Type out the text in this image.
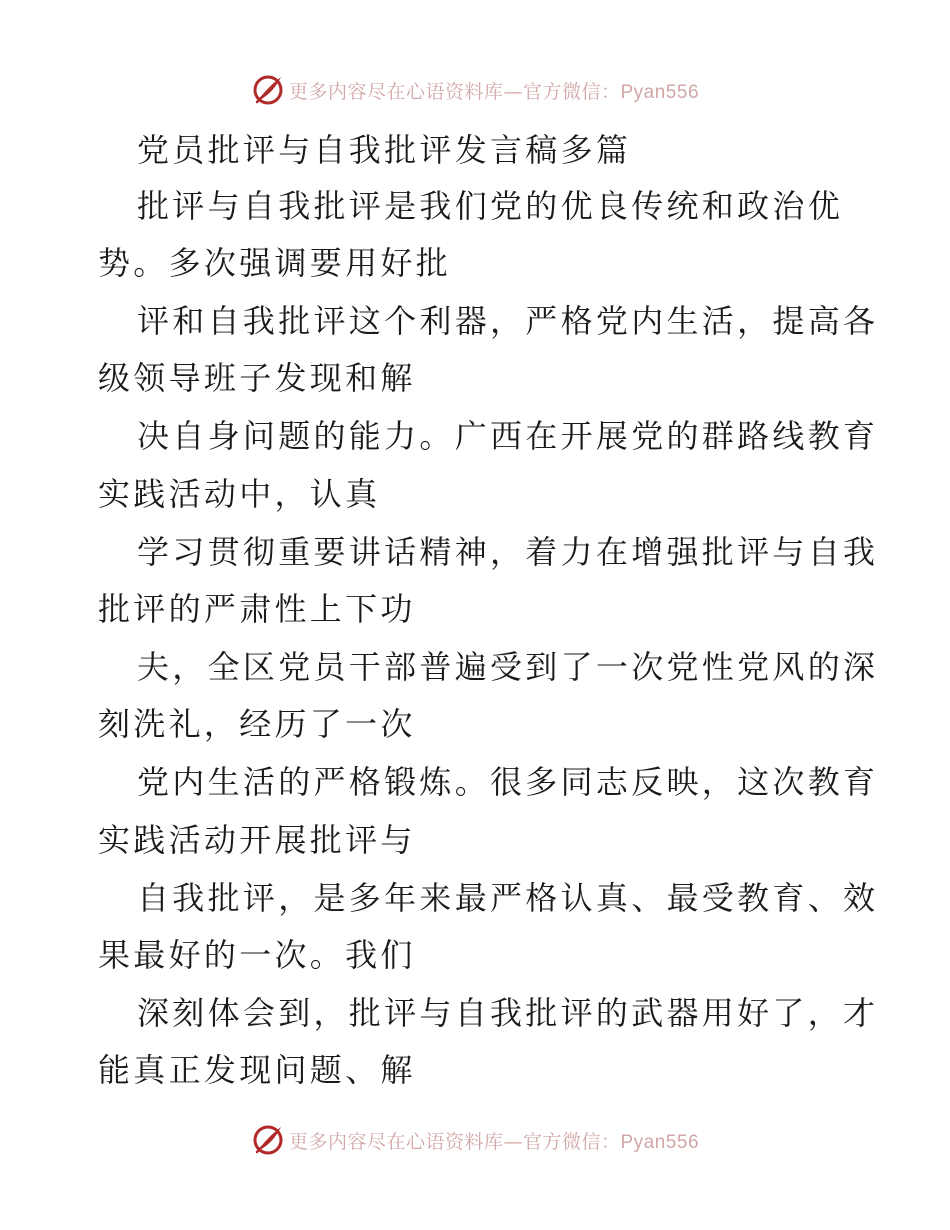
更多内容尽在心语资料库—官方微信：Pyan556
党员批评与自我批评发言稿多篇
批评与自我批评是我们党的优良传统和政治优
势。多次强调要用好批
评和自我批评这个利器，严格党内生活，提高各
级领导班子发现和解
决自身问题的能力。广西在开展党的群路线教育
实践活动中，认真
学习贯彻重要讲话精神，着力在增强批评与自我
批评的严肃性上下功
夫，全区党员干部普遍受到了一次党性党风的深
刻洗礼，经历了一次
党内生活的严格锻炼。很多同志反映，这次教育
实践活动开展批评与
自我批评，是多年来最严格认真、最受教育、效
果最好的一次。我们
深刻体会到，批评与自我批评的武器用好了，才
能真正发现问题、解
更多内容尽在心语资料库—官方微信：Pyan556
